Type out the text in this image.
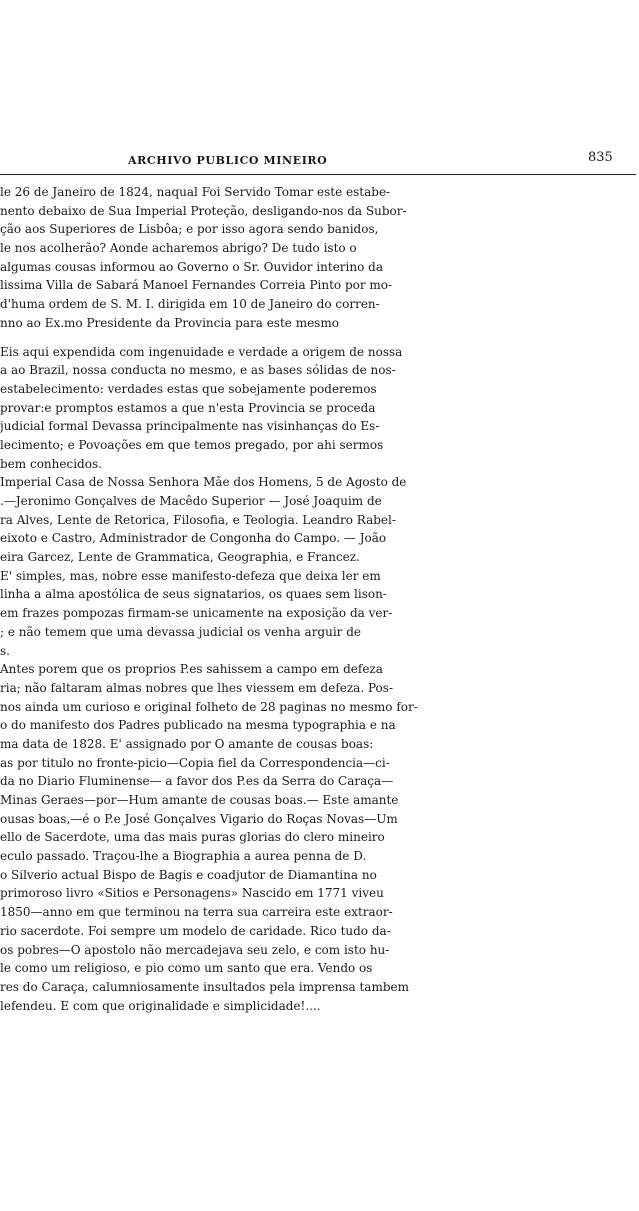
ARCHIVO PUBLICO MINEIRO	835
le 26 de Janeiro de 1824, naqual Foi Servido Tomar este estabe-
nento debaixo de Sua Imperial Proteção, desligando-nos da Subor-
ção aos Superiores de Lisbôa; e por isso agora sendo banidos,
le nos acolherão? Aonde acharemos abrigo? De tudo isto o
algumas cousas informou ao Governo o Sr. Ouvidor interino da
lissima Villa de Sabará Manoel Fernandes Correia Pinto por mo-
d'huma ordem de S. M. I. dirigida em 10 de Janeiro do corren-
nno ao Ex.mo Presidente da Provincia para este mesmo
Eis aqui expendida com ingenuidade e verdade a origem de nossa
a ao Brazil, nossa conducta no mesmo, e as bases sólidas de nos-
estabelecimento: verdades estas que sobejamente poderemos
provar:e promptos estamos a que n'esta Provincia se proceda
judicial formal Devassa principalmente nas visinhanças do Es-
lecimento; e Povoações em que temos pregado, por ahi sermos
bem conhecidos.
Imperial Casa de Nossa Senhora Mãe dos Homens, 5 de Agosto de
.—Jeronimo Gonçalves de Macêdo Superior — José Joaquim de
ra Alves, Lente de Retorica, Filosofia, e Teologia. Leandro Rabel-
eixoto e Castro, Administrador de Congonha do Campo. — João
eira Garcez, Lente de Grammatica, Geographia, e Francez.
E' simples, mas, nobre esse manifesto-defeza que deixa ler em
linha a alma apostólica de seus signatarios, os quaes sem lison-
em frazes pompozas firmam-se unicamente na exposição da ver-
; e não temem que uma devassa judicial os venha arguir de
s.
Antes porem que os proprios P.es sahissem a campo em defeza
ria; não faltaram almas nobres que lhes viessem em defeza. Pos-
nos ainda um curioso e original folheto de 28 paginas no mesmo for-
o do manifesto dos Padres publicado na mesma typographia e na
ma data de 1828. E' assignado por O amante de cousas boas:
as por titulo no fronte-picio—Copia fiel da Correspondencia—ci-
da no Diario Fluminense— a favor dos P.es da Serra do Caraça—
Minas Geraes—por—Hum amante de cousas boas.— Este amante
ousas boas,—é o P.e José Gonçalves Vigario do Roças Novas—Um
ello de Sacerdote, uma das mais puras glorias do clero mineiro
eculo passado. Traçou-lhe a Biographia a aurea penna de D.
o Silverio actual Bispo de Bagis e coadjutor de Diamantina no
primoroso livro «Sitios e Personagens» Nascido em 1771 viveu
1850—anno em que terminou na terra sua carreira este extraor-
rio sacerdote. Foi sempre um modelo de caridade. Rico tudo da-
os pobres—O apostolo não mercadejava seu zelo, e com isto hu-
le como um religioso, e pio como um santo que era. Vendo os
res do Caraça, calumniosamente insultados pela imprensa tambem
lefendeu. E com que originalidade e simplicidade!....
